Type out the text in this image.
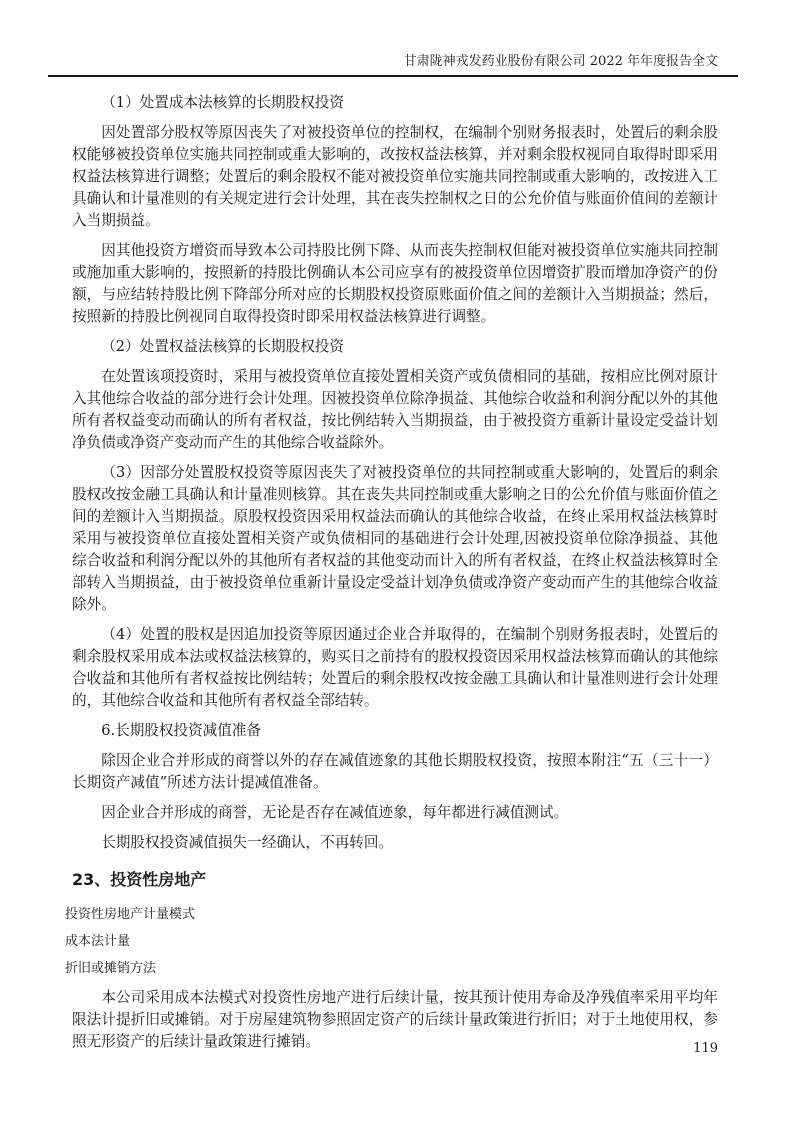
甘肃陇神戎发药业股份有限公司 2022 年年度报告全文

（1）处置成本法核算的长期股权投资

因处置部分股权等原因丧失了对被投资单位的控制权，在编制个别财务报表时，处置后的剩余股权能够被投资单位实施共同控制或重大影响的，改按权益法核算，并对剩余股权视同自取得时即采用权益法核算进行调整；处置后的剩余股权不能对被投资单位实施共同控制或重大影响的，改按进入工具确认和计量准则的有关规定进行会计处理，其在丧失控制权之日的公允价值与账面价值间的差额计入当期损益。

因其他投资方增资而导致本公司持股比例下降、从而丧失控制权但能对被投资单位实施共同控制或施加重大影响的，按照新的持股比例确认本公司应享有的被投资单位因增资扩股而增加净资产的份额，与应结转持股比例下降部分所对应的长期股权投资原账面价值之间的差额计入当期损益；然后，按照新的持股比例视同自取得投资时即采用权益法核算进行调整。

（2）处置权益法核算的长期股权投资

在处置该项投资时，采用与被投资单位直接处置相关资产或负债相同的基础，按相应比例对原计入其他综合收益的部分进行会计处理。因被投资单位除净损益、其他综合收益和利润分配以外的其他所有者权益变动而确认的所有者权益，按比例结转入当期损益，由于被投资方重新计量设定受益计划净负债或净资产变动而产生的其他综合收益除外。

（3）因部分处置股权投资等原因丧失了对被投资单位的共同控制或重大影响的，处置后的剩余股权改按金融工具确认和计量准则核算。其在丧失共同控制或重大影响之日的公允价值与账面价值之间的差额计入当期损益。原股权投资因采用权益法而确认的其他综合收益，在终止采用权益法核算时采用与被投资单位直接处置相关资产或负债相同的基础进行会计处理,因被投资单位除净损益、其他综合收益和利润分配以外的其他所有者权益的其他变动而计入的所有者权益，在终止权益法核算时全部转入当期损益，由于被投资单位重新计量设定受益计划净负债或净资产变动而产生的其他综合收益除外。

（4）处置的股权是因追加投资等原因通过企业合并取得的，在编制个别财务报表时，处置后的剩余股权采用成本法或权益法核算的，购买日之前持有的股权投资因采用权益法核算而确认的其他综合收益和其他所有者权益按比例结转；处置后的剩余股权改按金融工具确认和计量准则进行会计处理的，其他综合收益和其他所有者权益全部结转。

6.长期股权投资减值准备

除因企业合并形成的商誉以外的存在减值迹象的其他长期股权投资，按照本附注“五（三十一）长期资产减值”所述方法计提减值准备。

因企业合并形成的商誉，无论是否存在减值迹象，每年都进行减值测试。

长期股权投资减值损失一经确认，不再转回。

23、投资性房地产

投资性房地产计量模式

成本法计量

折旧或摊销方法

本公司采用成本法模式对投资性房地产进行后续计量，按其预计使用寿命及净残值率采用平均年限法计提折旧或摊销。对于房屋建筑物参照固定资产的后续计量政策进行折旧；对于土地使用权，参照无形资产的后续计量政策进行摊销。	119
